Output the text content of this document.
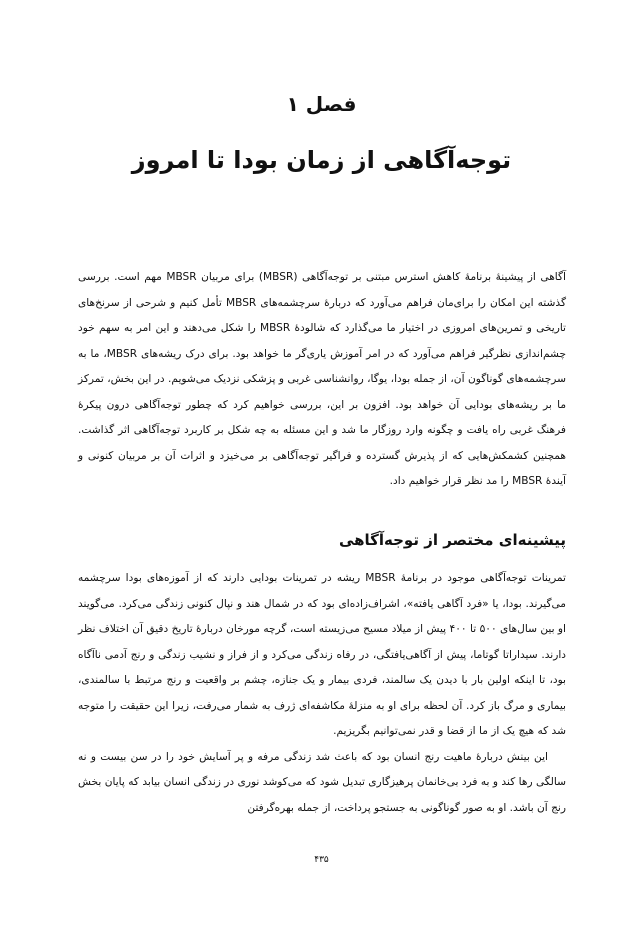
فصل ۱
توجه‌آگاهی از زمان بودا تا امروز

آگاهی از پیشینهٔ برنامهٔ کاهش استرس مبتنی بر توجه‌آگاهی (MBSR) برای مربیان MBSR مهم است. بررسی گذشته این امکان را برای‌مان فراهم می‌آورد که دربارهٔ سرچشمه‌های MBSR تأمل کنیم و شرحی از سرنخ‌های تاریخی و تمرین‌های امروزی در اختیار ما می‌گذارد که شالودهٔ MBSR را شکل می‌دهند و این امر به سهم خود چشم‌اندازی نظرگیر فراهم می‌آورد که در امر آموزش یاری‌گر ما خواهد بود. برای درک ریشه‌های MBSR، ما به سرچشمه‌های گوناگون آن، از جمله بودا، یوگا، روانشناسی غربی و پزشکی نزدیک می‌شویم. در این بخش، تمرکز ما بر ریشه‌های بودایی آن خواهد بود. افزون بر این، بررسی خواهیم کرد که چطور توجه‌آگاهی درون پیکرهٔ فرهنگ غربی راه یافت و چگونه وارد روزگار ما شد و این مسئله به چه شکل بر کاربرد توجه‌آگاهی اثر گذاشت. همچنین کشمکش‌هایی که از پذیرش گسترده و فراگیر توجه‌آگاهی بر می‌خیزد و اثرات آن بر مربیان کنونی و آیندهٔ MBSR را مد نظر قرار خواهیم داد.

پیشینه‌ای مختصر از توجه‌آگاهی

تمرینات توجه‌آگاهی موجود در برنامهٔ MBSR ریشه در تمرینات بودایی دارند که از آموزه‌های بودا سرچشمه می‌گیرند. بودا، یا «فرد آگاهی یافته»، اشراف‌زاده‌ای بود که در شمال هند و نپال کنونی زندگی می‌کرد. می‌گویند او بین سال‌های ۵۰۰ تا ۴۰۰ پیش از میلاد مسیح می‌زیسته است، گرچه مورخان دربارهٔ تاریخ دقیق آن اختلاف نظر دارند. سیداراتا گوتاما، پیش از آگاهی‌یافتگی، در رفاه زندگی می‌کرد و از فراز و نشیب زندگی و رنج آدمی ناآگاه بود، تا اینکه اولین بار با دیدن یک سالمند، فردی بیمار و یک جنازه، چشم بر واقعیت و رنج مرتبط با سالمندی، بیماری و مرگ باز کرد. آن لحظه برای او به منزلهٔ مکاشفه‌ای ژرف به شمار می‌رفت، زیرا این حقیقت را متوجه شد که هیچ یک از ما از قضا و قدر نمی‌توانیم بگریزیم.

این بینش دربارهٔ ماهیت رنج انسان بود که باعث شد زندگی مرفه و پر آسایش خود را در سن بیست و نه سالگی رها کند و به فرد بی‌خانمان پرهیزگاری تبدیل شود که می‌کوشد نوری در زندگی انسان بیابد که پایان بخش رنج آن باشد. او به صور گوناگونی به جستجو پرداخت، از جمله بهره‌گرفتن

۴۳۵
